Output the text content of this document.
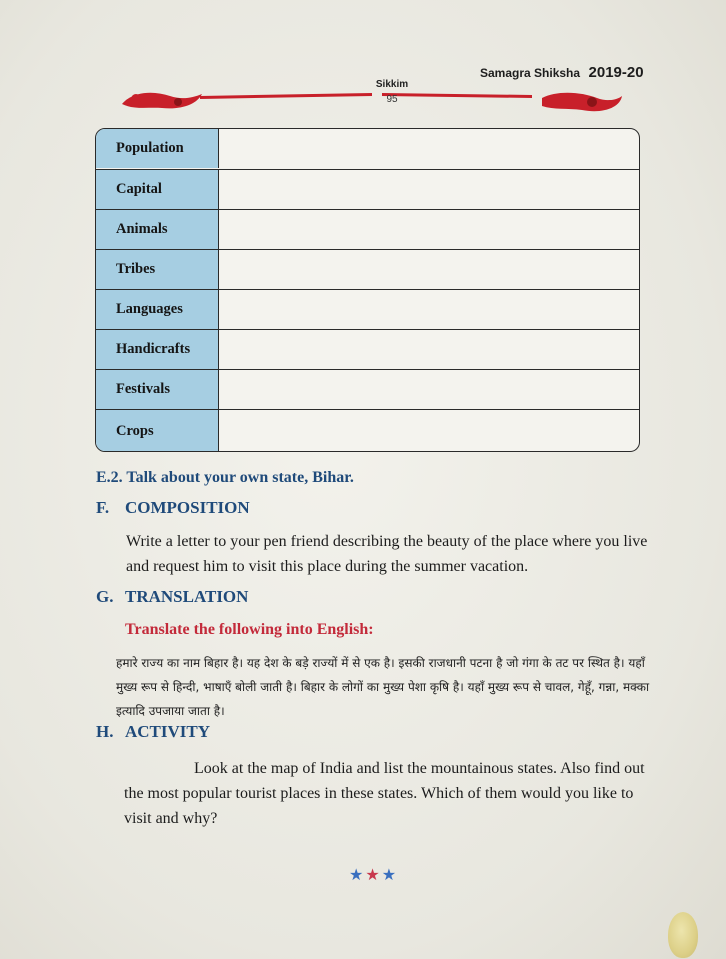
Samagra Shiksha 2019-20
Sikkim
95
Population
Capital
Animals
Tribes
Languages
Handicrafts
Festivals
Crops
E.2. Talk about your own state, Bihar.
F. COMPOSITION
Write a letter to your pen friend describing the beauty of the place where you live and request him to visit this place during the summer vacation.
G. TRANSLATION
Translate the following into English:
हमारे राज्य का नाम बिहार है। यह देश के बड़े राज्यों में से एक है। इसकी राजधानी पटना है जो गंगा के तट पर स्थित है। यहाँ मुख्य रूप से हिन्दी, भाषाएँ बोली जाती है। बिहार के लोगों का मुख्य पेशा कृषि है। यहाँ मुख्य रूप से चावल, गेहूँ, गन्ना, मक्का इत्यादि उपजाया जाता है।
H. ACTIVITY
Look at the map of India and list the mountainous states. Also find out the most popular tourist places in these states. Which of them would you like to visit and why?
★★★
